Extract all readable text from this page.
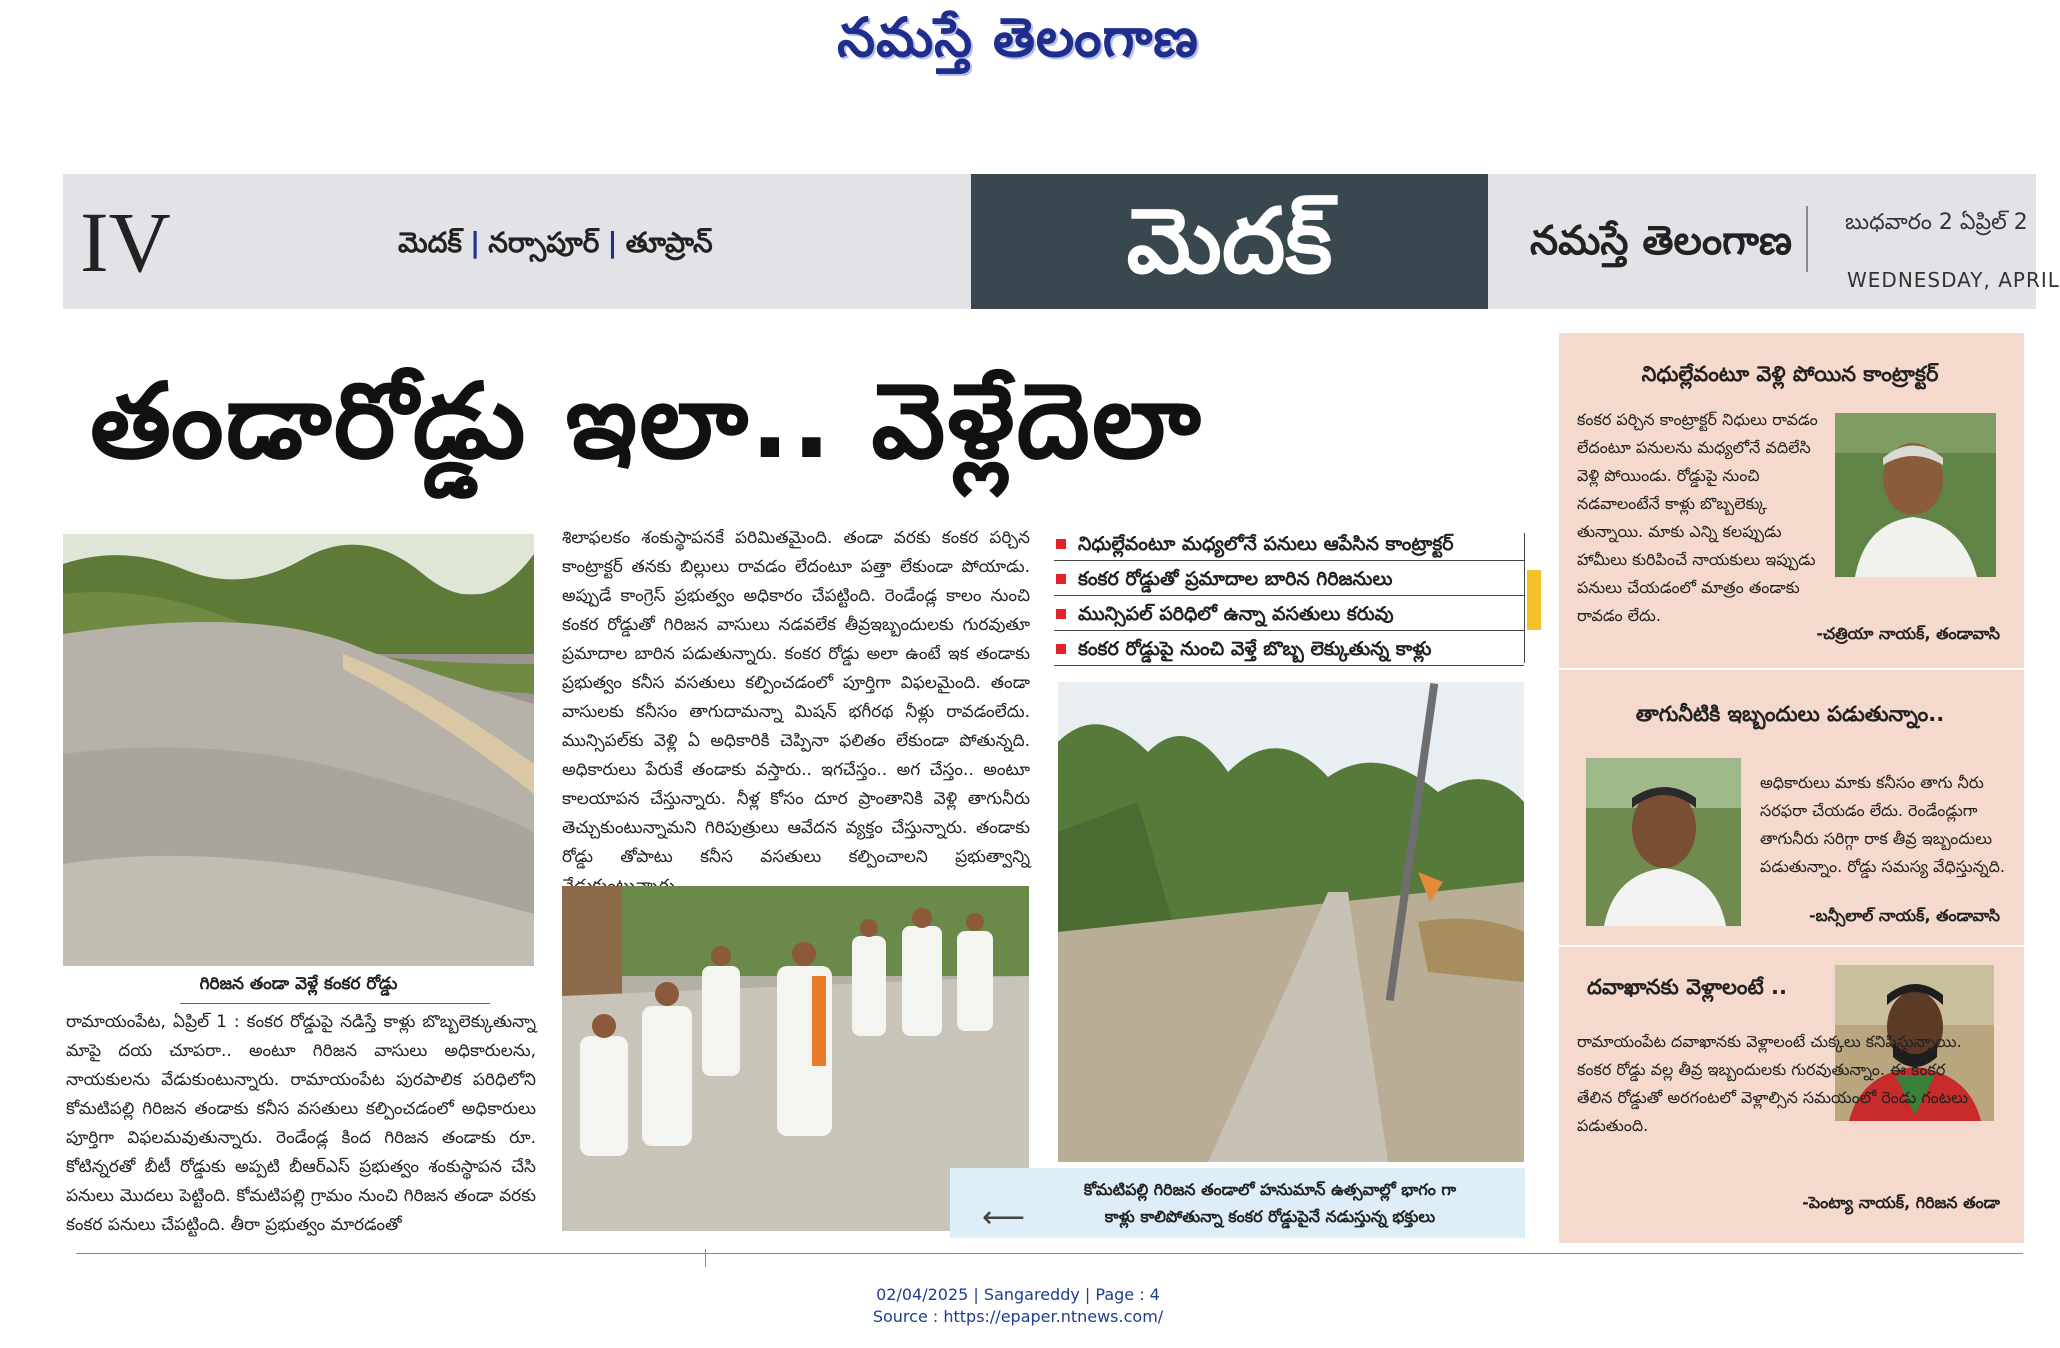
నమస్తే తెలంగాణ
IV	మెదక్ | నర్సాపూర్ | తూప్రాన్	మెదక్	నమస్తే తెలంగాణ బుధవారం 2 ఏప్రిల్ 2
WEDNESDAY, APRIL
తండారోడ్డు ఇలా.. వెళ్లేదెలా
గిరిజన తండా వెళ్లే కంకర రోడ్డు
రామాయంపేట, ఏప్రిల్ 1 : కంకర రోడ్డుపై నడిస్తే కాళ్లు బొబ్బలెక్కుతున్నా మాపై దయ చూపరా.. అంటూ గిరిజన వాసులు అధికారులను, నాయకులను వేడుకుంటున్నారు. రామాయంపేట పురపాలిక పరిధిలోని కోమటిపల్లి గిరిజన తండాకు కనీస వసతులు కల్పించడంలో అధికారులు పూర్తిగా విఫలమవుతున్నారు. రెండేండ్ల కింద గిరిజన తండాకు రూ. కోటిన్నరతో బీటీ రోడ్డుకు అప్పటి బీఆర్ఎస్ ప్రభుత్వం శంకుస్థాపన చేసి పనులు మొదలు పెట్టింది. కోమటిపల్లి గ్రామం నుంచి గిరిజన తండా వరకు కంకర పనులు చేపట్టింది. తీరా ప్రభుత్వం మారడంతో
శిలాఫలకం శంకుస్థాపనకే పరిమితమైంది. తండా వరకు కంకర పర్చిన కాంట్రాక్టర్ తనకు బిల్లులు రావడం లేదంటూ పత్తా లేకుండా పోయాడు. అప్పుడే కాంగ్రెస్ ప్రభుత్వం అధికారం చేపట్టింది. రెండేండ్ల కాలం నుంచి కంకర రోడ్డుతో గిరిజన వాసులు నడవలేక తీవ్రఇబ్బందులకు గురవుతూ ప్రమాదాల బారిన పడుతున్నారు. కంకర రోడ్డు అలా ఉంటే ఇక తండాకు ప్రభుత్వం కనీస వసతులు కల్పించడంలో పూర్తిగా విఫలమైంది. తండా వాసులకు కనీసం తాగుదామన్నా మిషన్ భగీరథ నీళ్లు రావడంలేదు. మున్సిపల్‌కు వెళ్లి ఏ అధికారికి చెప్పినా ఫలితం లేకుండా పోతున్నది. అధికారులు పేరుకే తండాకు వస్తారు.. ఇగచేస్తం.. అగ చేస్తం.. అంటూ కాలయాపన చేస్తున్నారు. నీళ్ల కోసం దూర ప్రాంతానికి వెళ్లి తాగునీరు తెచ్చుకుంటున్నామని గిరిపుత్రులు ఆవేదన వ్యక్తం చేస్తున్నారు. తండాకు రోడ్డు తోపాటు కనీస వసతులు కల్పించాలని ప్రభుత్వాన్ని
నిధుల్లేవంటూ మధ్యలోనే పనులు ఆపేసిన కాంట్రాక్టర్
కంకర రోడ్డుతో ప్రమాదాల బారిన గిరిజనులు
మున్సిపల్ పరిధిలో ఉన్నా వసతులు కరువు
కంకర రోడ్డుపై నుంచి వెళ్తే బొబ్బ లెక్కుతున్న కాళ్లు
⟵
కోమటిపల్లి గిరిజన తండాలో హనుమాన్ ఉత్సవాల్లో భాగం గా
కాళ్లు కాలిపోతున్నా కంకర రోడ్డుపైనే నడుస్తున్న భక్తులు
నిధుల్లేవంటూ వెళ్లి పోయిన కాంట్రాక్టర్
కంకర పర్చిన కాంట్రాక్టర్ నిధులు రావడం లేదంటూ పనులను మధ్యలోనే వదిలేసి వెళ్లి పోయిండు. రోడ్డుపై నుంచి నడవాలంటేనే కాళ్లు బొబ్బలెక్కు తున్నాయి. మాకు ఎన్ని కలప్పుడు హామీలు కురిపించే నాయకులు ఇప్పుడు పనులు చేయడంలో మాత్రం తండాకు రావడం లేదు.
-చత్రియా నాయక్, తండావాసి
తాగునీటికి ఇబ్బందులు పడుతున్నాం..
అధికారులు మాకు కనీసం తాగు నీరు సరఫరా చేయడం లేదు. రెండేండ్లుగా తాగునీరు సరిగ్గా రాక తీవ్ర ఇబ్బందులు పడుతున్నాం. రోడ్డు సమస్య వేధిస్తున్నది.
-బన్సీలాల్ నాయక్, తండావాసి
దవాఖానకు వెళ్లాలంటే ..
రామాయంపేట దవాఖానకు వెళ్లాలంటే చుక్కలు కనిపిస్తున్నాయి. కంకర రోడ్డు వల్ల తీవ్ర ఇబ్బందులకు గురవుతున్నాం. ఈ కంకర తేలిన రోడ్డుతో అరగంటలో వెళ్లాల్సిన సమయంలో రెండు గంటలు పడుతుంది.
-పెంట్యా నాయక్, గిరిజన తండా
02/04/2025 | Sangareddy | Page : 4
Source : https://epaper.ntnews.com/
